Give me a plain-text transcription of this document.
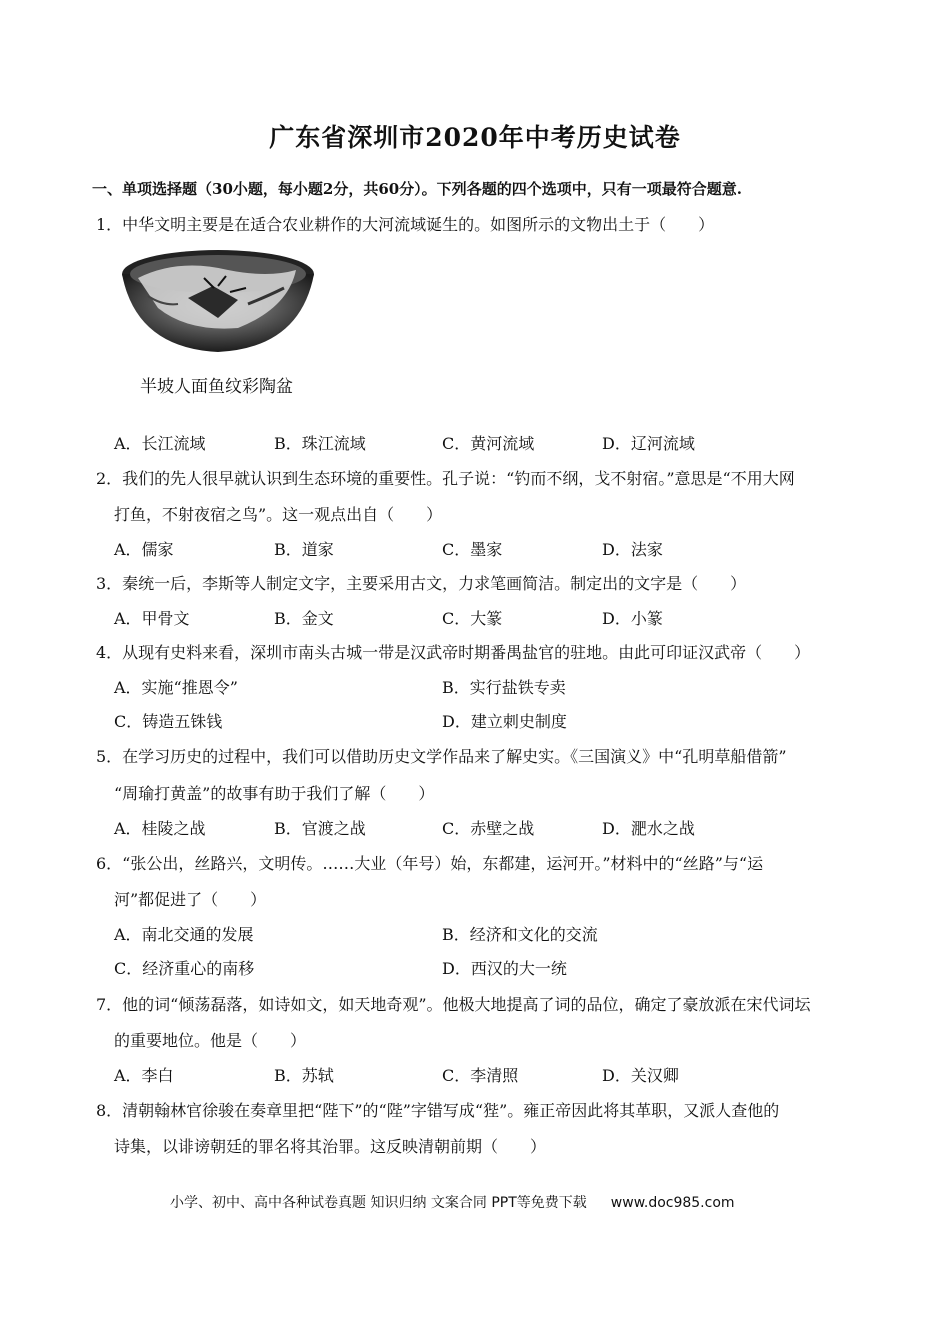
广东省深圳市2020年中考历史试卷
一、单项选择题（30小题，每小题2分，共60分）。下列各题的四个选项中，只有一项最符合题意.
1．中华文明主要是在适合农业耕作的大河流域诞生的。如图所示的文物出土于（　　）
半坡人面鱼纹彩陶盆
A．长江流域	B．珠江流域	C．黄河流域	D．辽河流域
2．我们的先人很早就认识到生态环境的重要性。孔子说：“钓而不纲，戈不射宿。”意思是“不用大网
打鱼，不射夜宿之鸟”。这一观点出自（　　）
A．儒家	B．道家	C．墨家	D．法家
3．秦统一后，李斯等人制定文字，主要采用古文，力求笔画简洁。制定出的文字是（　　）
A．甲骨文	B．金文	C．大篆	D．小篆
4．从现有史料来看，深圳市南头古城一带是汉武帝时期番禺盐官的驻地。由此可印证汉武帝（　　）
A．实施“推恩令”	B．实行盐铁专卖
C．铸造五铢钱	D．建立刺史制度
5．在学习历史的过程中，我们可以借助历史文学作品来了解史实。《三国演义》中“孔明草船借箭”
“周瑜打黄盖”的故事有助于我们了解（　　）
A．桂陵之战	B．官渡之战	C．赤壁之战	D．淝水之战
6．“张公出，丝路兴，文明传。……大业（年号）始，东都建，运河开。”材料中的“丝路”与“运
河”都促进了（　　）
A．南北交通的发展	B．经济和文化的交流
C．经济重心的南移	D．西汉的大一统
7．他的词“倾荡磊落，如诗如文，如天地奇观”。他极大地提高了词的品位，确定了豪放派在宋代词坛
的重要地位。他是（　　）
A．李白	B．苏轼	C．李清照	D．关汉卿
8．清朝翰林官徐骏在奏章里把“陛下”的“陛”字错写成“狴”。雍正帝因此将其革职，又派人查他的
诗集，以诽谤朝廷的罪名将其治罪。这反映清朝前期（　　）
小学、初中、高中各种试卷真题 知识归纳 文案合同 PPT等免费下载 www.doc985.com
